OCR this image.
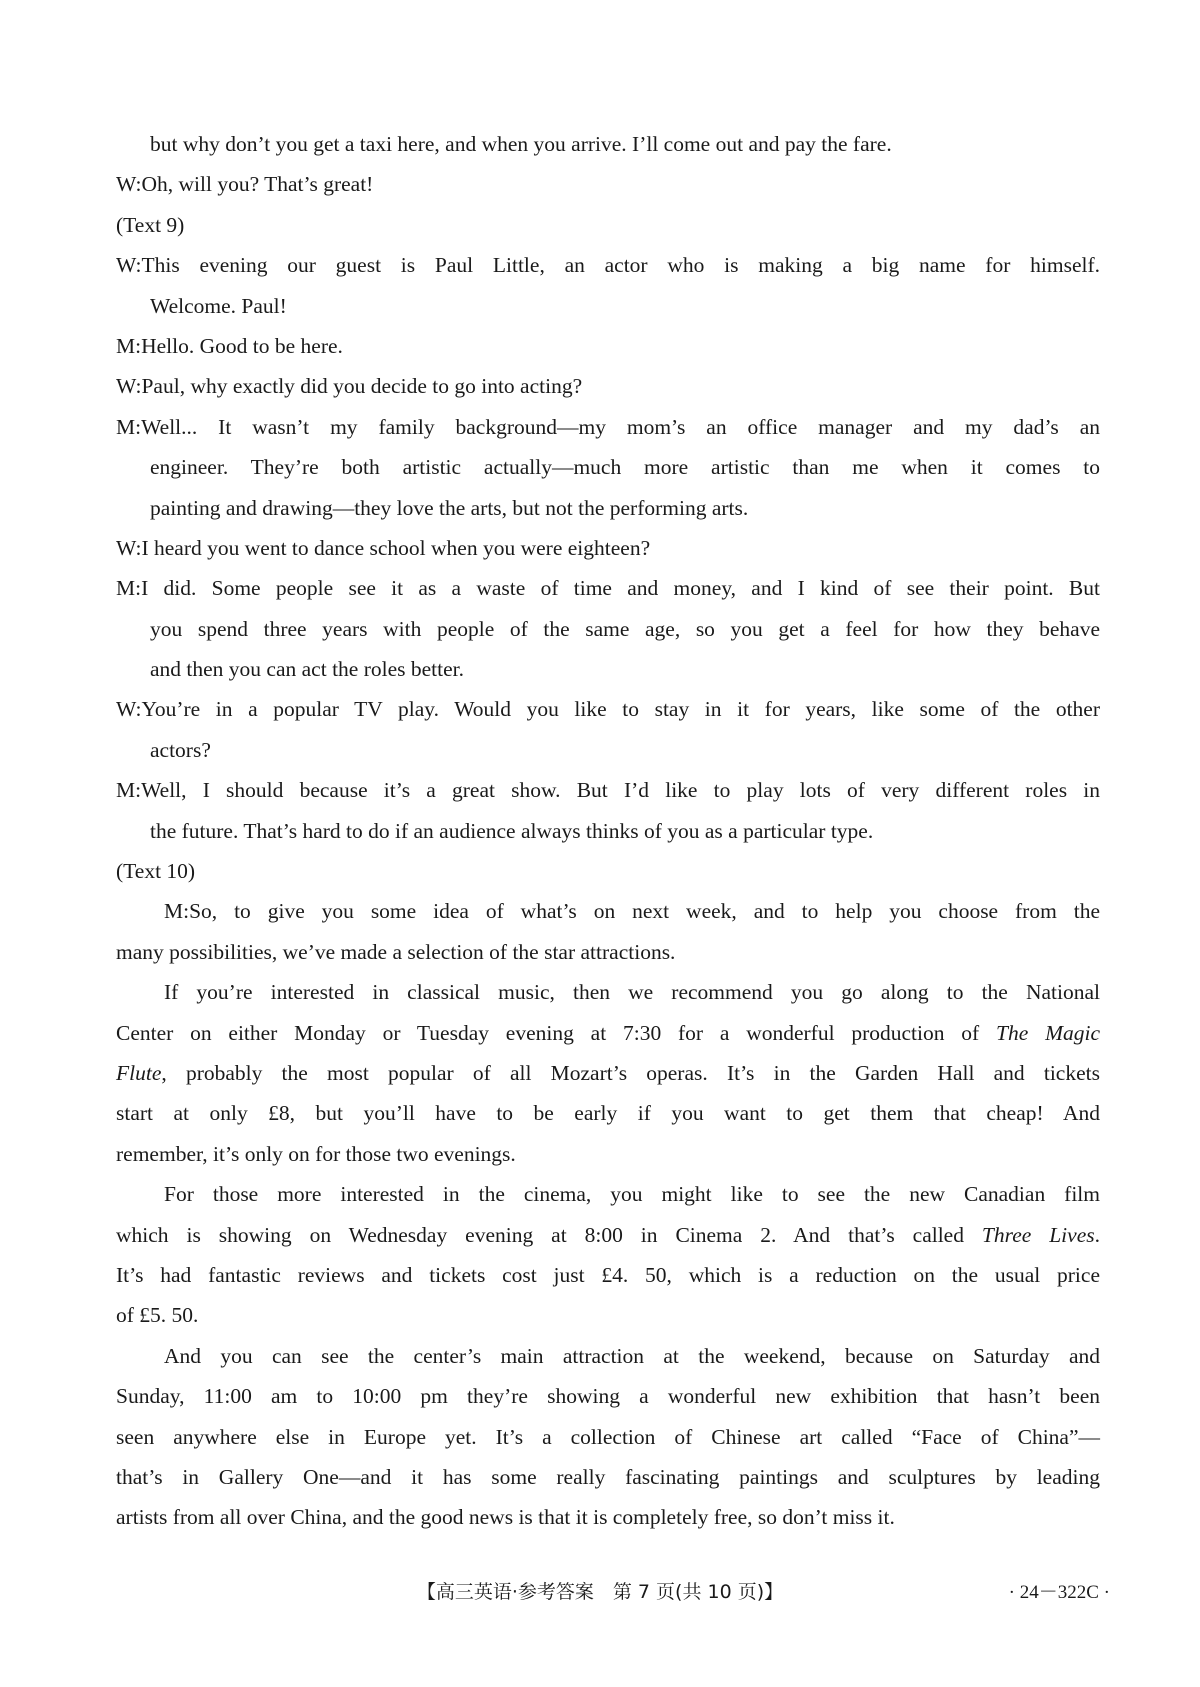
but why don’t you get a taxi here, and when you arrive. I’ll come out and pay the fare.
W:Oh, will you? That’s great!
(Text 9)
W:This evening our guest is Paul Little, an actor who is making a big name for himself.
Welcome. Paul!
M:Hello. Good to be here.
W:Paul, why exactly did you decide to go into acting?
M:Well... It wasn’t my family background—my mom’s an office manager and my dad’s an
engineer. They’re both artistic actually—much more artistic than me when it comes to
painting and drawing—they love the arts, but not the performing arts.
W:I heard you went to dance school when you were eighteen?
M:I did. Some people see it as a waste of time and money, and I kind of see their point. But
you spend three years with people of the same age, so you get a feel for how they behave
and then you can act the roles better.
W:You’re in a popular TV play. Would you like to stay in it for years, like some of the other
actors?
M:Well, I should because it’s a great show. But I’d like to play lots of very different roles in
the future. That’s hard to do if an audience always thinks of you as a particular type.
(Text 10)
M:So, to give you some idea of what’s on next week, and to help you choose from the
many possibilities, we’ve made a selection of the star attractions.
If you’re interested in classical music, then we recommend you go along to the National
Center on either Monday or Tuesday evening at 7:30 for a wonderful production of The Magic
Flute, probably the most popular of all Mozart’s operas. It’s in the Garden Hall and tickets
start at only £8, but you’ll have to be early if you want to get them that cheap! And
remember, it’s only on for those two evenings.
For those more interested in the cinema, you might like to see the new Canadian film
which is showing on Wednesday evening at 8:00 in Cinema 2. And that’s called Three Lives.
It’s had fantastic reviews and tickets cost just £4. 50, which is a reduction on the usual price
of £5. 50.
And you can see the center’s main attraction at the weekend, because on Saturday and
Sunday, 11:00 am to 10:00 pm they’re showing a wonderful new exhibition that hasn’t been
seen anywhere else in Europe yet. It’s a collection of Chinese art called “Face of China”—
that’s in Gallery One—and it has some really fascinating paintings and sculptures by leading
artists from all over China, and the good news is that it is completely free, so don’t miss it.
【高三英语·参考答案　第 7 页(共 10 页)】	· 24－322C ·
